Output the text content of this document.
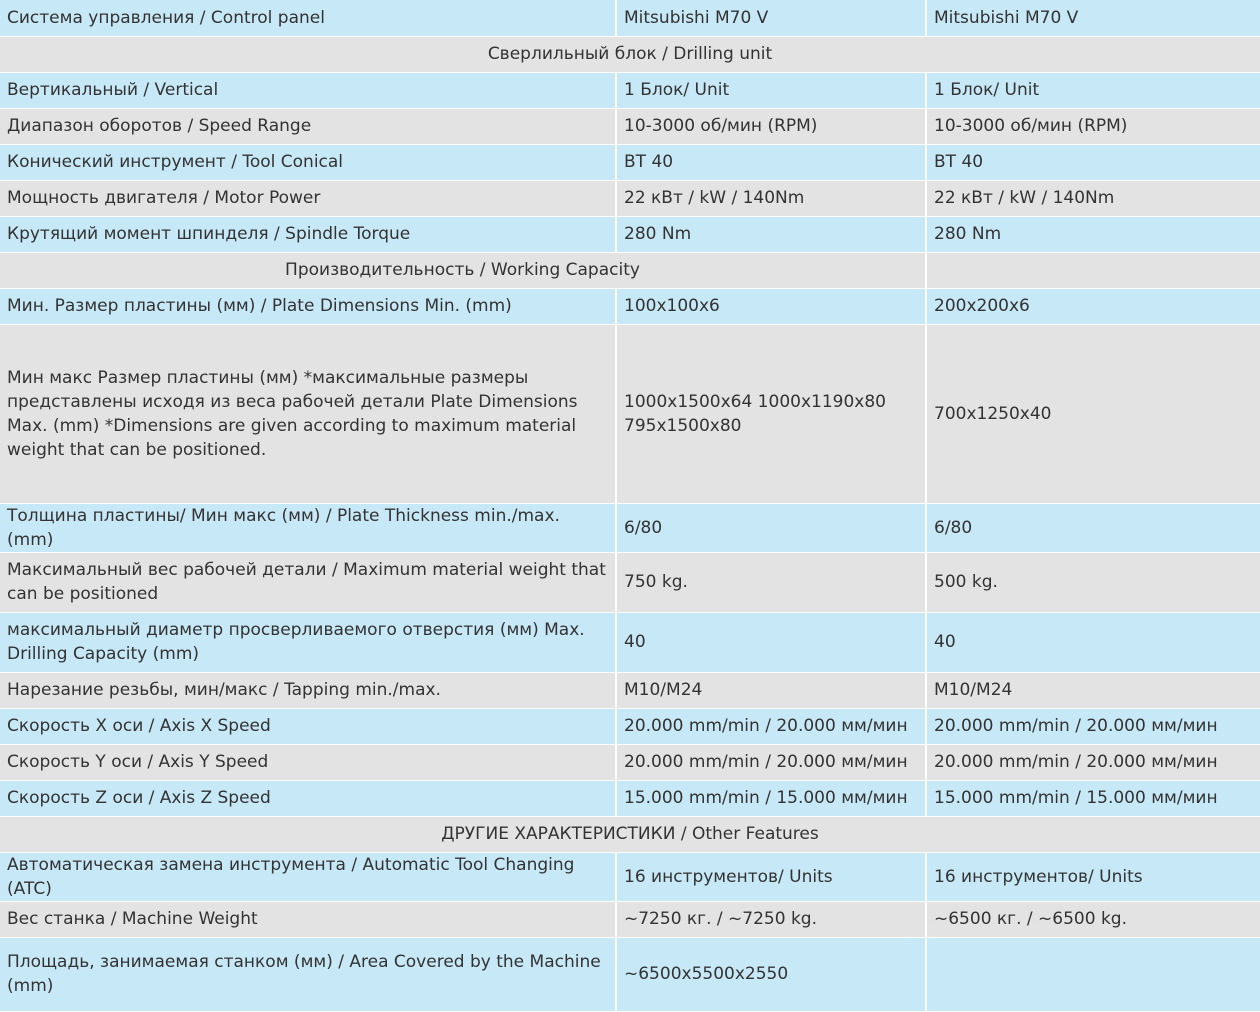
Система управления / Control panel	Mitsubishi M70 V	Mitsubishi M70 V
Сверлильный блок / Drilling unit		
Вертикальный / Vertical	1 Блок/ Unit	1 Блок/ Unit
Диапазон оборотов / Speed Range	10-3000 об/мин (RPM)	10-3000 об/мин (RPM)
Конический инструмент / Tool Conical	BT 40	BT 40
Мощность двигателя / Motor Power	22 кВт / kW / 140Nm	22 кВт / kW / 140Nm
Крутящий момент шпинделя / Spindle Torque	280 Nm	280 Nm
Производительность / Working Capacity		
Мин. Размер пластины (мм) / Plate Dimensions Min. (mm)	100x100x6	200x200x6
Мин макс Размер пластины (мм) *максимальные размеры представлены исходя из веса рабочей детали Plate Dimensions Max. (mm) *Dimensions are given according to maximum material weight that can be positioned.	1000x1500x64 1000x1190x80 795x1500x80	700x1250x40
Толщина пластины/ Мин макс (мм) / Plate Thickness min./max. (mm)	6/80	6/80
Максимальный вес рабочей детали / Maximum material weight that can be positioned	750 kg.	500 kg.
максимальный диаметр просверливаемого отверстия (мм) Max. Drilling Capacity (mm)	40	40
Нарезание резьбы, мин/макс / Tapping min./max.	M10/M24	M10/M24
Скорость X оси / Axis X Speed	20.000 mm/min / 20.000 мм/мин	20.000 mm/min / 20.000 мм/мин
Скорость Y оси / Axis Y Speed	20.000 mm/min / 20.000 мм/мин	20.000 mm/min / 20.000 мм/мин
Скорость Z оси / Axis Z Speed	15.000 mm/min / 15.000 мм/мин	15.000 mm/min / 15.000 мм/мин
ДРУГИЕ ХАРАКТЕРИСТИКИ / Other Features		
Автоматическая замена инструмента / Automatic Tool Changing (ATC)	16 инструментов/ Units	16 инструментов/ Units
Вес станка / Machine Weight	~7250 кг. / ~7250 kg.	~6500 кг. / ~6500 kg.
Площадь, занимаемая станком (мм) / Area Covered by the Machine (mm)	~6500x5500x2550	
